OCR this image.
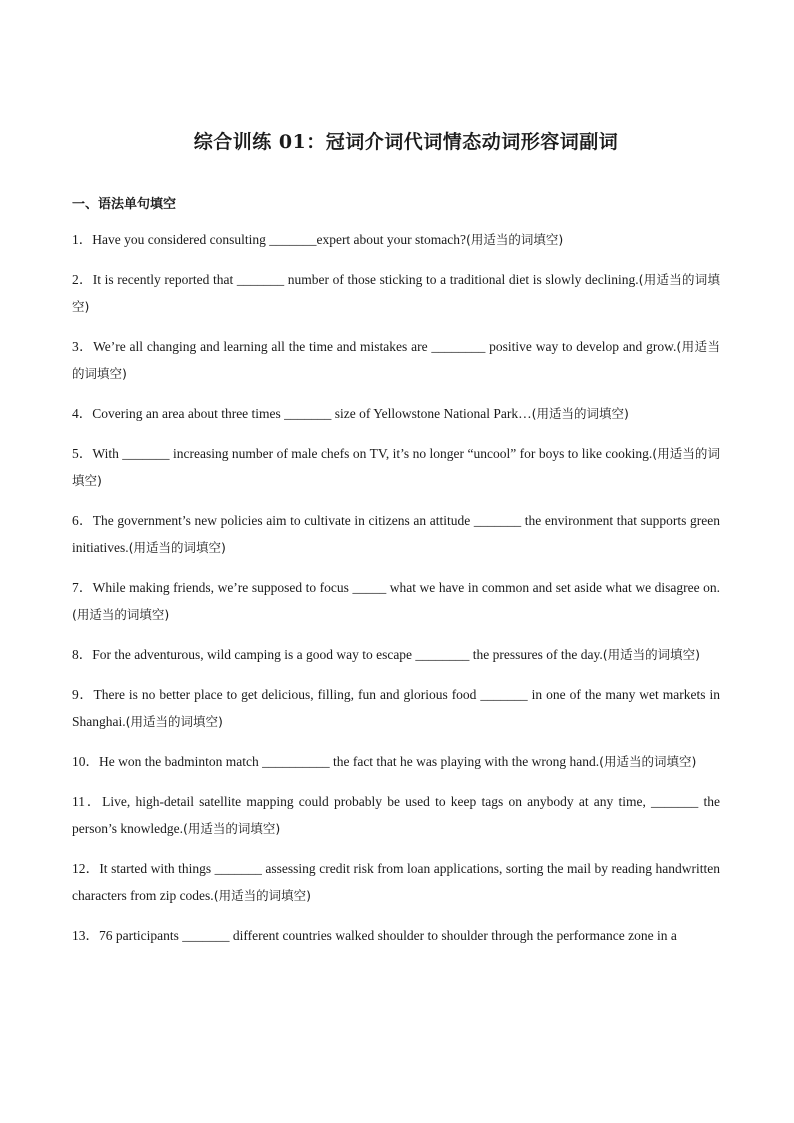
综合训练 01：冠词介词代词情态动词形容词副词
一、语法单句填空

1．Have you considered consulting _______expert about your stomach?(用适当的词填空)

2．It is recently reported that _______ number of those sticking to a traditional diet is slowly declining.(用适当的词填空)

3．We’re all changing and learning all the time and mistakes are ________ positive way to develop and grow.(用适当的词填空)

4．Covering an area about three times _______ size of Yellowstone National Park…(用适当的词填空)

5．With _______ increasing number of male chefs on TV, it’s no longer “uncool” for boys to like cooking.(用适当的词填空)

6．The government’s new policies aim to cultivate in citizens an attitude _______ the environment that supports green initiatives.(用适当的词填空)

7．While making friends, we’re supposed to focus _____ what we have in common and set aside what we disagree on.(用适当的词填空)

8．For the adventurous, wild camping is a good way to escape ________ the pressures of the day.(用适当的词填空)

9．There is no better place to get delicious, filling, fun and glorious food _______ in one of the many wet markets in Shanghai.(用适当的词填空)

10．He won the badminton match __________ the fact that he was playing with the wrong hand.(用适当的词填空)

11．Live, high-detail satellite mapping could probably be used to keep tags on anybody at any time, _______ the person’s knowledge.(用适当的词填空)

12．It started with things _______ assessing credit risk from loan applications, sorting the mail by reading handwritten characters from zip codes.(用适当的词填空)

13．76 participants _______ different countries walked shoulder to shoulder through the performance zone in a
